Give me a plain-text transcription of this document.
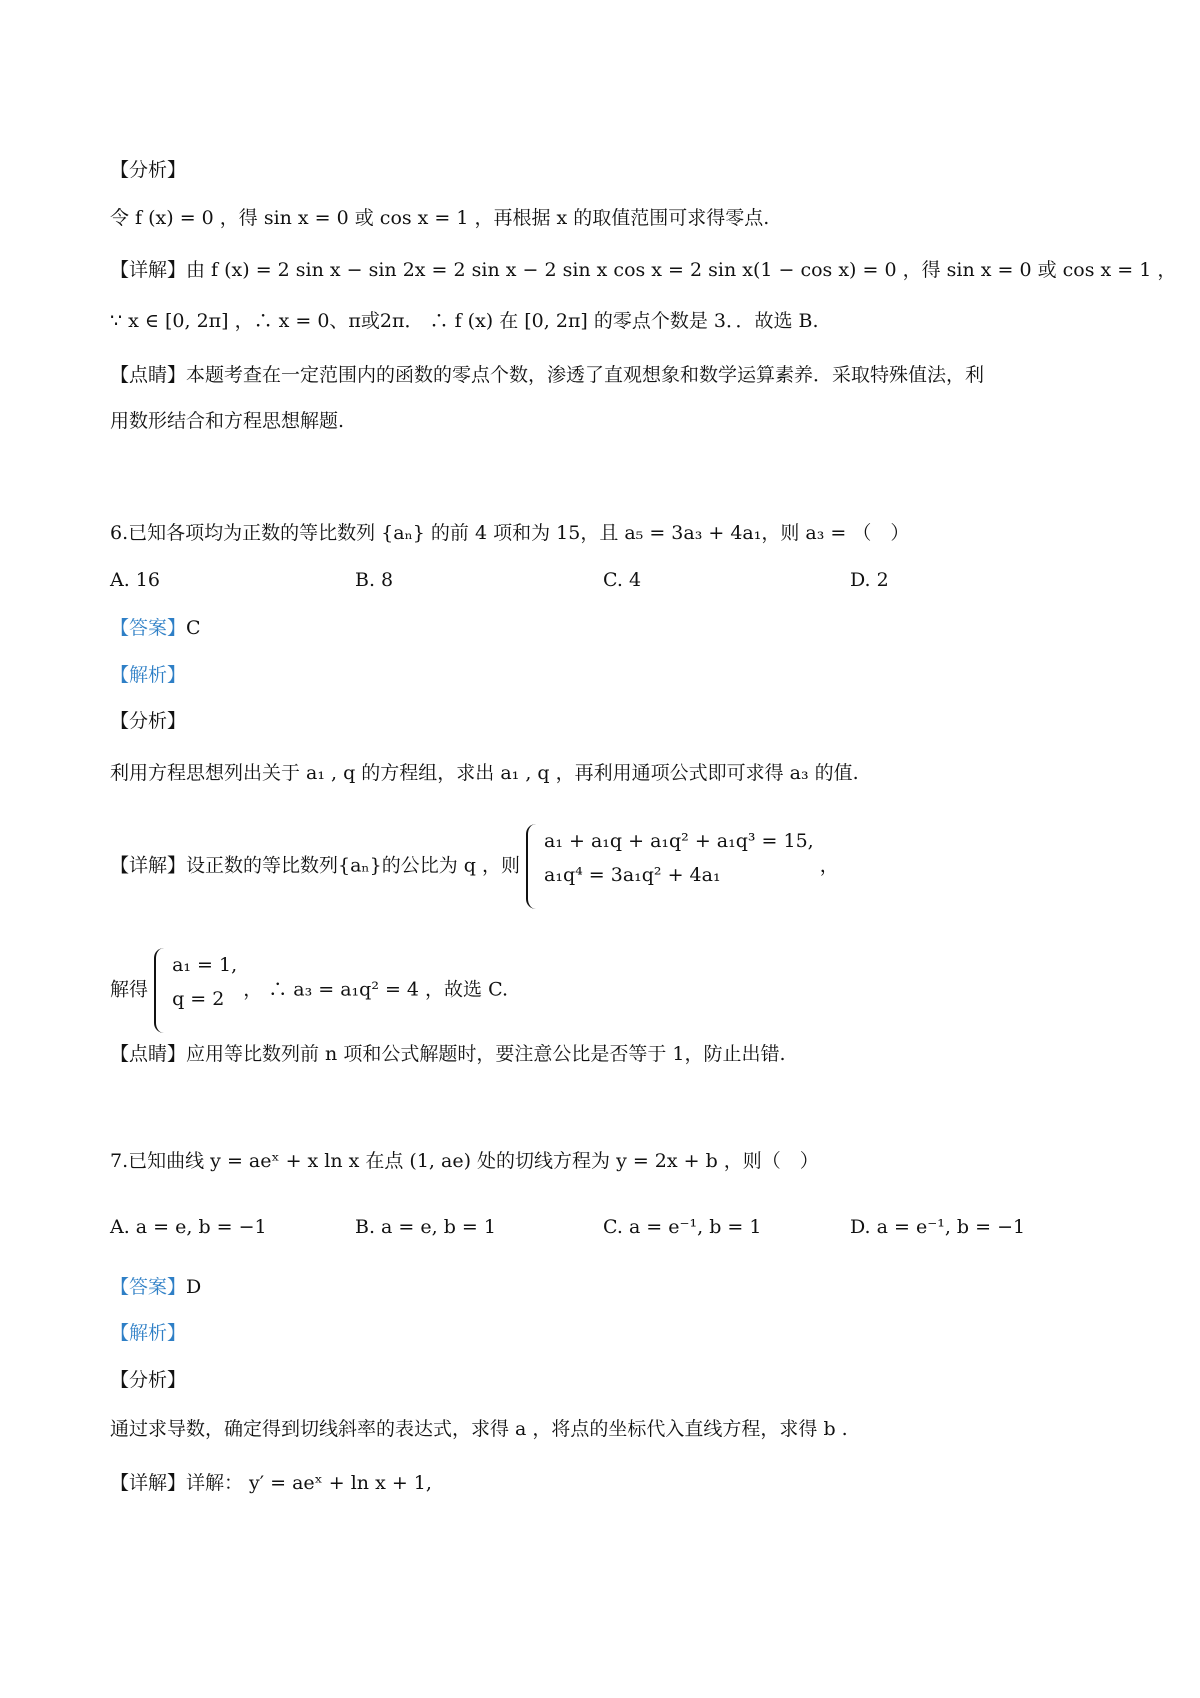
【分析】
令 f (x) = 0 ，得 sin x = 0 或 cos x = 1 ，再根据 x 的取值范围可求得零点.
【详解】由 f (x) = 2 sin x − sin 2x = 2 sin x − 2 sin x cos x = 2 sin x(1 − cos x) = 0 ，得 sin x = 0 或 cos x = 1 ，
∵ x ∈ [0, 2π] ，∴ x = 0、π或2π． ∴ f (x) 在 [0, 2π] 的零点个数是 3．．故选 B.
【点睛】本题考查在一定范围内的函数的零点个数，渗透了直观想象和数学运算素养．采取特殊值法，利
用数形结合和方程思想解题.
6.已知各项均为正数的等比数列 {aₙ} 的前 4 项和为 15，且 a₅ = 3a₃ + 4a₁，则 a₃ = （　）
A. 16	B. 8	C. 4	D. 2
【答案】C
【解析】
【分析】
利用方程思想列出关于 a₁ , q 的方程组，求出 a₁ , q ，再利用通项公式即可求得 a₃ 的值.
【详解】设正数的等比数列{aₙ}的公比为 q ，则
a₁ + a₁q + a₁q² + a₁q³ = 15,
a₁q⁴ = 3a₁q² + 4a₁	，
解得
a₁ = 1,
q = 2 ， ∴ a₃ = a₁q² = 4 ，故选 C.
【点睛】应用等比数列前 n 项和公式解题时，要注意公比是否等于 1，防止出错.
7.已知曲线 y = aeˣ + x ln x 在点 (1, ae) 处的切线方程为 y = 2x + b ，则（　）
A. a = e, b = −1	B. a = e, b = 1	C. a = e⁻¹, b = 1	D. a = e⁻¹, b = −1
【答案】D
【解析】
【分析】
通过求导数，确定得到切线斜率的表达式，求得 a ，将点的坐标代入直线方程，求得 b .
【详解】详解： y′ = aeˣ + ln x + 1,
